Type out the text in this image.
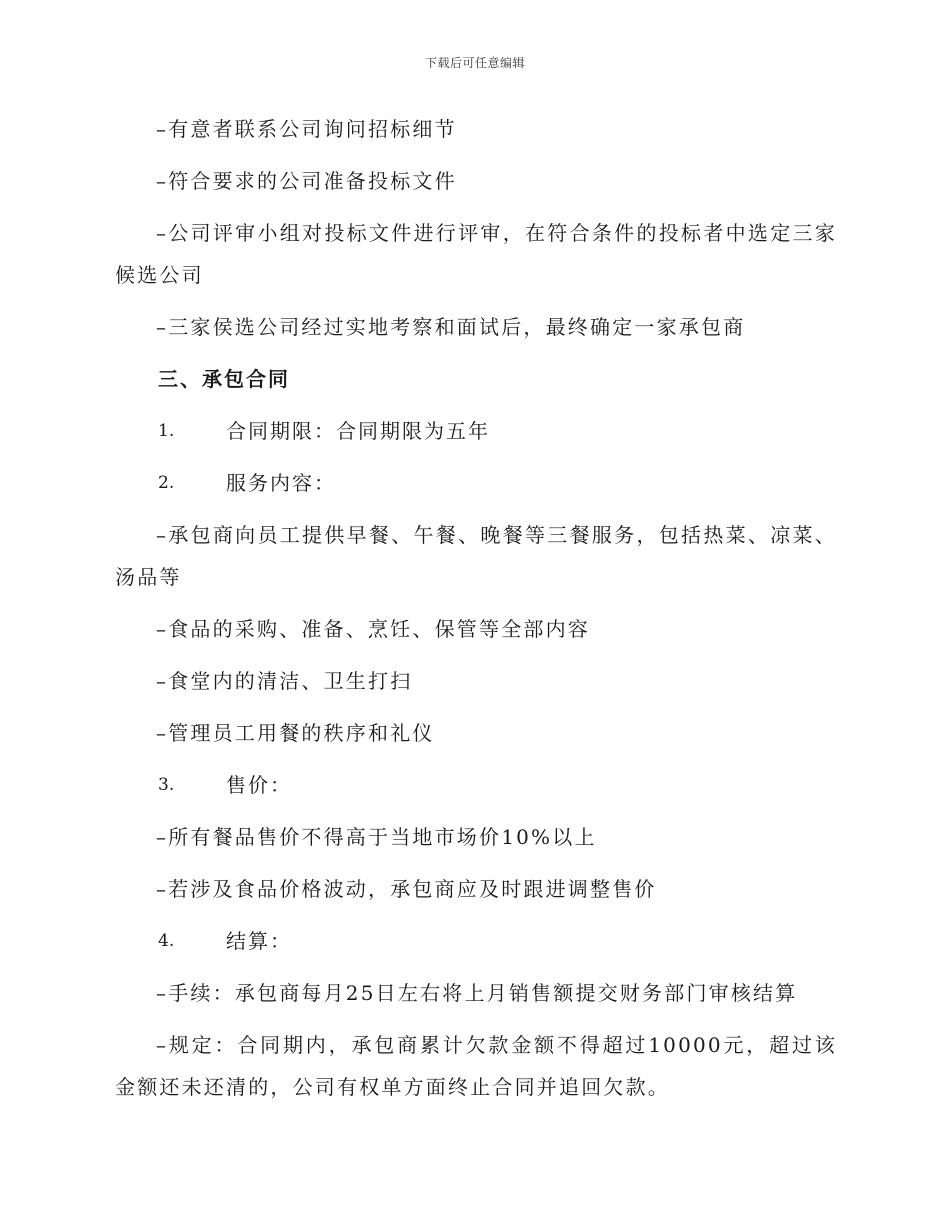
下载后可任意编辑

–有意者联系公司询问招标细节

–符合要求的公司准备投标文件

–公司评审小组对投标文件进行评审，在符合条件的投标者中选定三家候选公司

–三家侯选公司经过实地考察和面试后，最终确定一家承包商

三、承包合同

1.	合同期限：合同期限为五年
2.	服务内容：

–承包商向员工提供早餐、午餐、晚餐等三餐服务，包括热菜、凉菜、汤品等

–食品的采购、准备、烹饪、保管等全部内容

–食堂内的清洁、卫生打扫

–管理员工用餐的秩序和礼仪

3.	售价：

–所有餐品售价不得高于当地市场价10%以上

–若涉及食品价格波动，承包商应及时跟进调整售价

4.	结算：

–手续：承包商每月25日左右将上月销售额提交财务部门审核结算

–规定：合同期内，承包商累计欠款金额不得超过10000元，超过该金额还未还清的，公司有权单方面终止合同并追回欠款。
